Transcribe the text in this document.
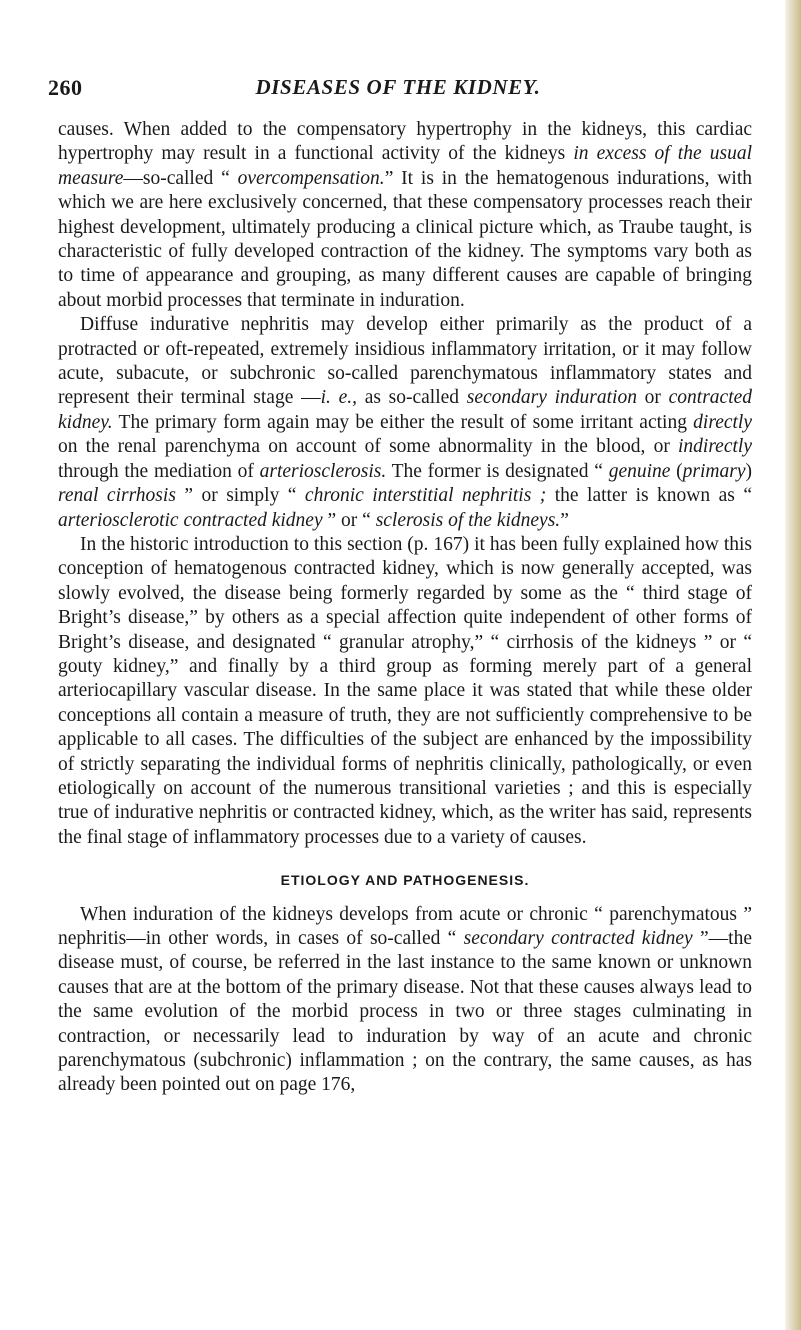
260	DISEASES OF THE KIDNEY.

causes. When added to the compensatory hypertrophy in the kidneys, this cardiac hypertrophy may result in a functional activity of the kidneys in excess of the usual measure—so-called “ overcompensation.” It is in the hematogenous indurations, with which we are here exclusively concerned, that these compensatory processes reach their highest development, ultimately producing a clinical picture which, as Traube taught, is characteristic of fully developed contraction of the kidney. The symptoms vary both as to time of appearance and grouping, as many different causes are capable of bringing about morbid processes that terminate in induration.

Diffuse indurative nephritis may develop either primarily as the product of a protracted or oft-repeated, extremely insidious inflammatory irritation, or it may follow acute, subacute, or subchronic so-called parenchymatous inflammatory states and represent their terminal stage —i. e., as so-called secondary induration or contracted kidney. The primary form again may be either the result of some irritant acting directly on the renal parenchyma on account of some abnormality in the blood, or indirectly through the mediation of arteriosclerosis. The former is designated “ genuine (primary) renal cirrhosis ” or simply “ chronic interstitial nephritis ; the latter is known as “ arteriosclerotic contracted kidney ” or “ sclerosis of the kidneys.”

In the historic introduction to this section (p. 167) it has been fully explained how this conception of hematogenous contracted kidney, which is now generally accepted, was slowly evolved, the disease being formerly regarded by some as the “ third stage of Bright’s disease,” by others as a special affection quite independent of other forms of Bright’s disease, and designated “ granular atrophy,” “ cirrhosis of the kidneys ” or “ gouty kidney,” and finally by a third group as forming merely part of a general arteriocapillary vascular disease. In the same place it was stated that while these older conceptions all contain a measure of truth, they are not sufficiently comprehensive to be applicable to all cases. The difficulties of the subject are enhanced by the impossibility of strictly separating the individual forms of nephritis clinically, pathologically, or even etiologically on account of the numerous transitional varieties ; and this is especially true of indurative nephritis or contracted kidney, which, as the writer has said, represents the final stage of inflammatory processes due to a variety of causes.

ETIOLOGY AND PATHOGENESIS.

When induration of the kidneys develops from acute or chronic “ parenchymatous ” nephritis—in other words, in cases of so-called “ secondary contracted kidney ”—the disease must, of course, be referred in the last instance to the same known or unknown causes that are at the bottom of the primary disease. Not that these causes always lead to the same evolution of the morbid process in two or three stages culminating in contraction, or necessarily lead to induration by way of an acute and chronic parenchymatous (subchronic) inflammation ; on the contrary, the same causes, as has already been pointed out on page 176,
